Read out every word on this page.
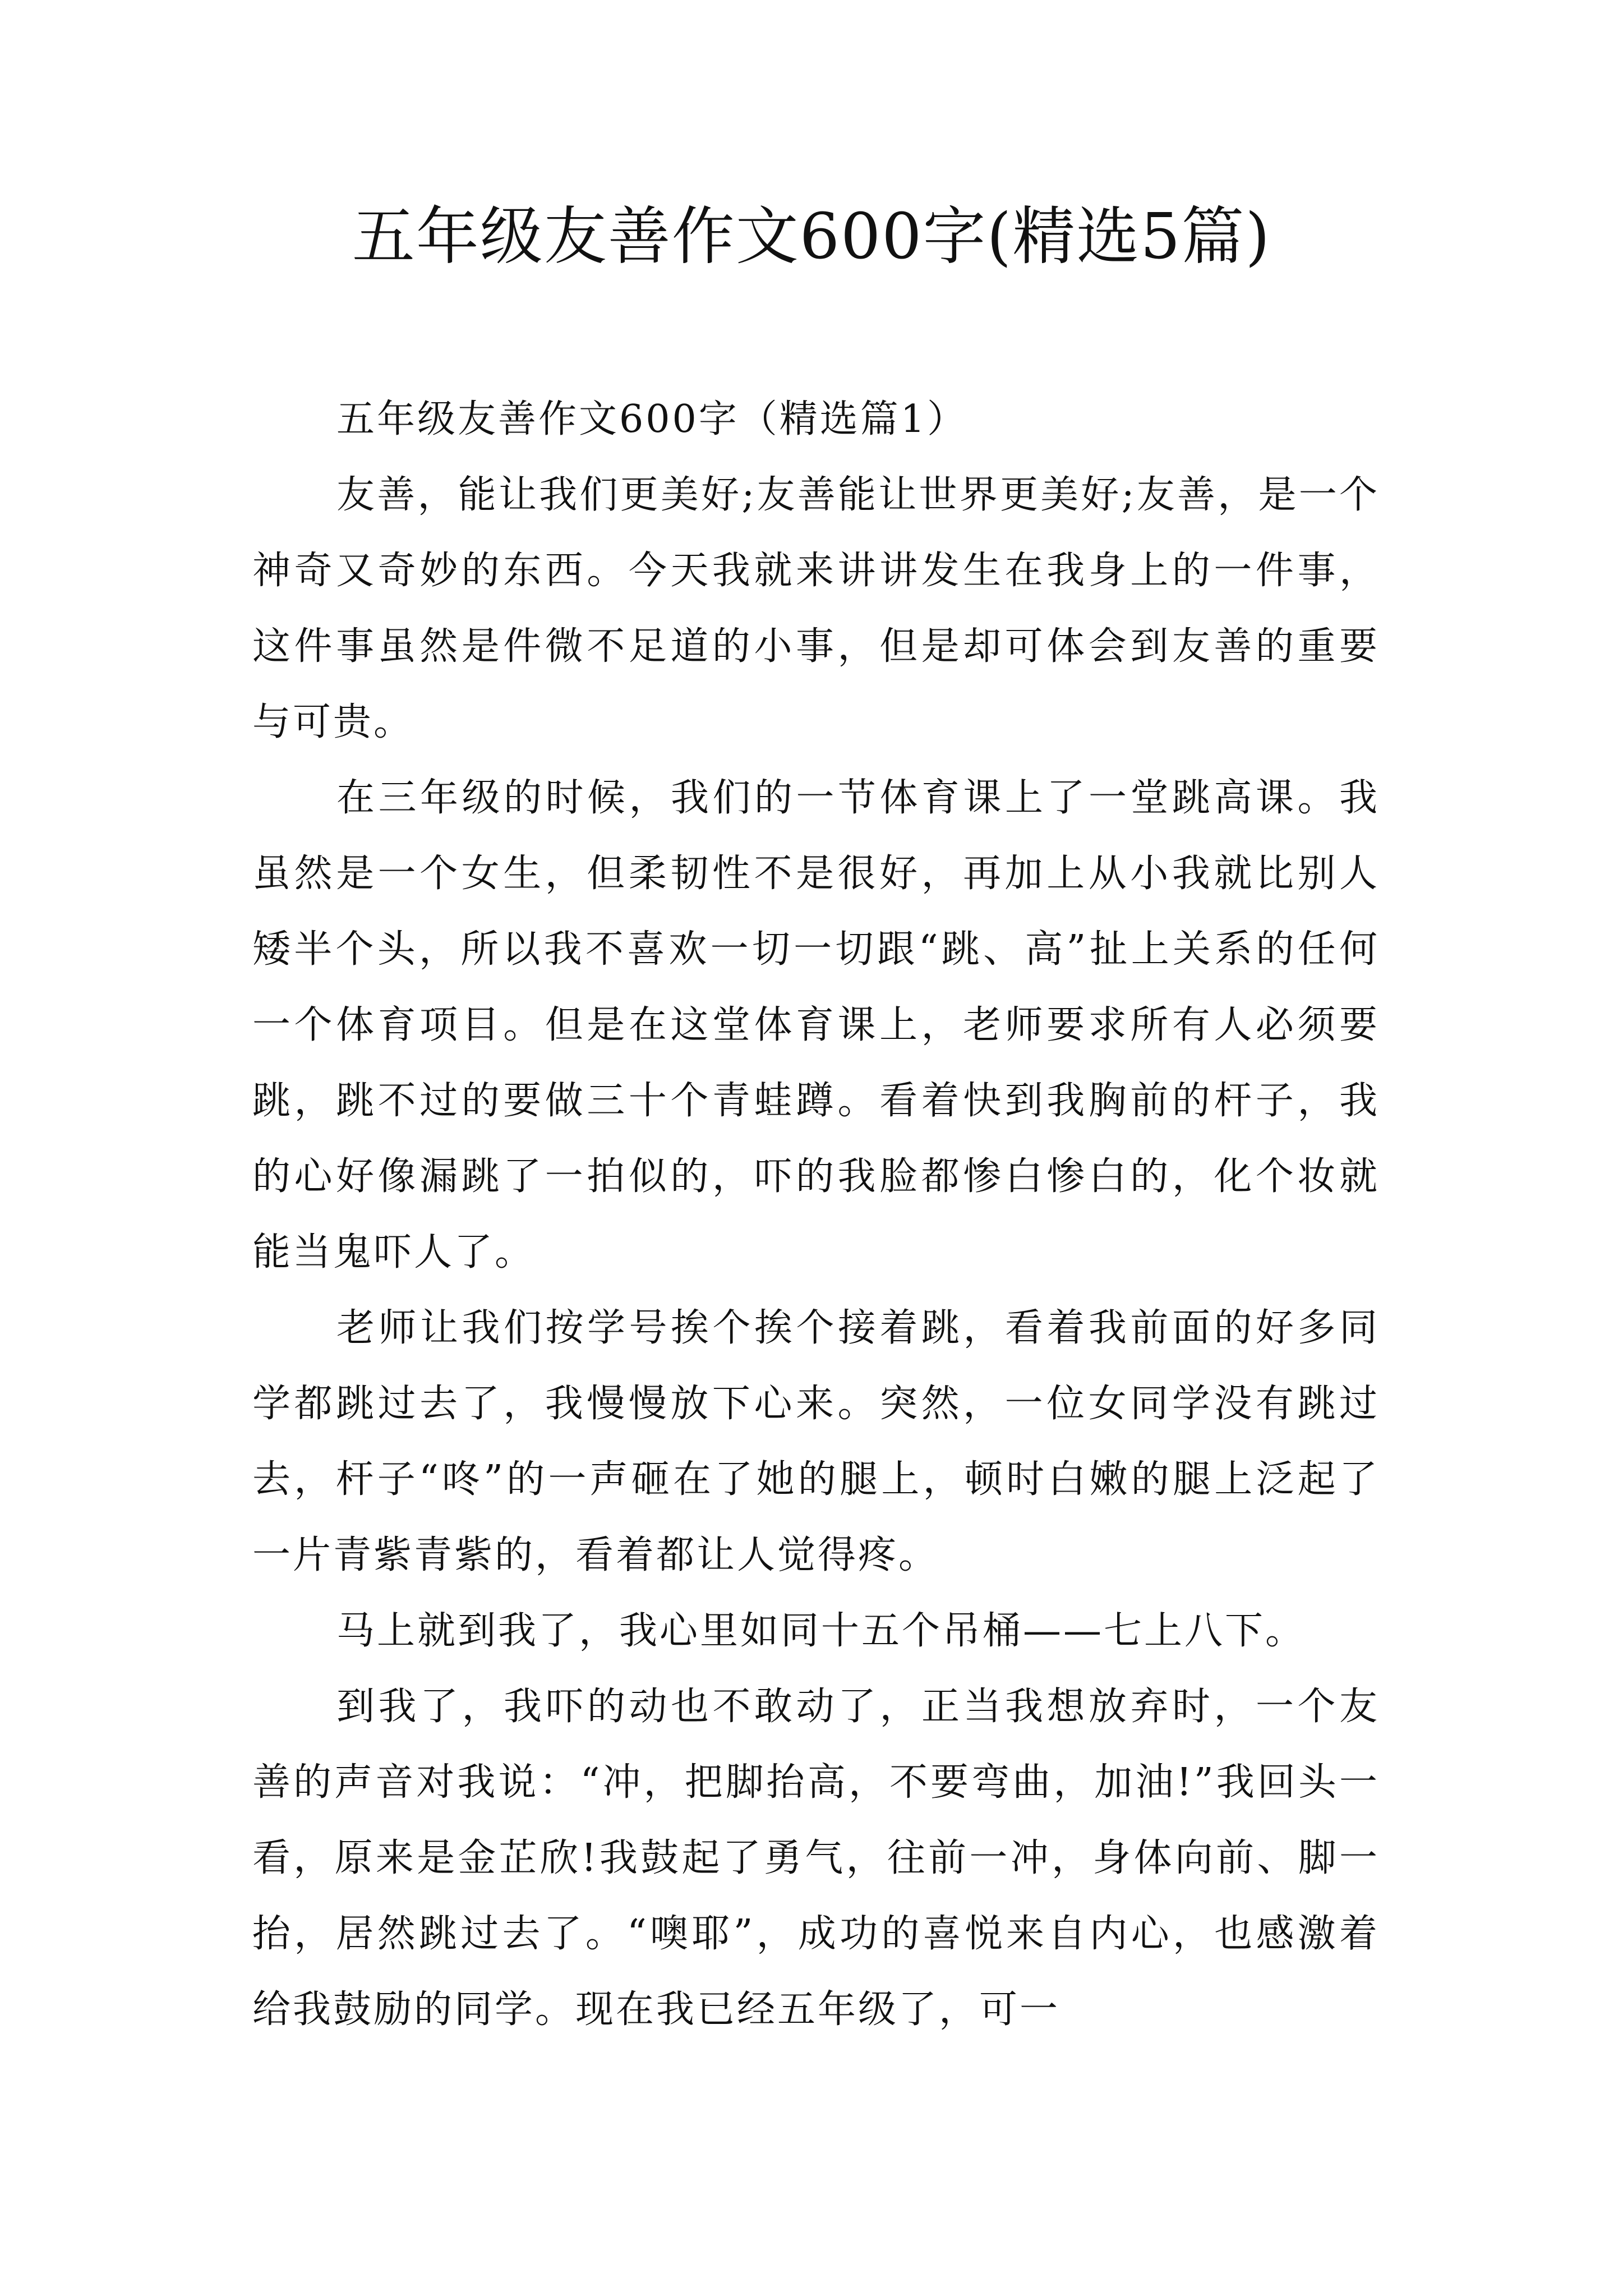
五年级友善作文600字(精选5篇)

五年级友善作文600字（精选篇1）

友善，能让我们更美好;友善能让世界更美好;友善，是一个神奇又奇妙的东西。今天我就来讲讲发生在我身上的一件事，这件事虽然是件微不足道的小事，但是却可体会到友善的重要与可贵。

在三年级的时候，我们的一节体育课上了一堂跳高课。我虽然是一个女生，但柔韧性不是很好，再加上从小我就比别人矮半个头，所以我不喜欢一切一切跟“跳、高”扯上关系的任何一个体育项目。但是在这堂体育课上，老师要求所有人必须要跳，跳不过的要做三十个青蛙蹲。看着快到我胸前的杆子，我的心好像漏跳了一拍似的，吓的我脸都惨白惨白的，化个妆就能当鬼吓人了。

老师让我们按学号挨个挨个接着跳，看着我前面的好多同学都跳过去了，我慢慢放下心来。突然，一位女同学没有跳过去，杆子“咚”的一声砸在了她的腿上，顿时白嫩的腿上泛起了一片青紫青紫的，看着都让人觉得疼。

马上就到我了，我心里如同十五个吊桶——七上八下。

到我了，我吓的动也不敢动了，正当我想放弃时，一个友善的声音对我说：“冲，把脚抬高，不要弯曲，加油!”我回头一看，原来是金芷欣!我鼓起了勇气，往前一冲，身体向前、脚一抬，居然跳过去了。“噢耶”，成功的喜悦来自内心，也感激着给我鼓励的同学。现在我已经五年级了，可一
